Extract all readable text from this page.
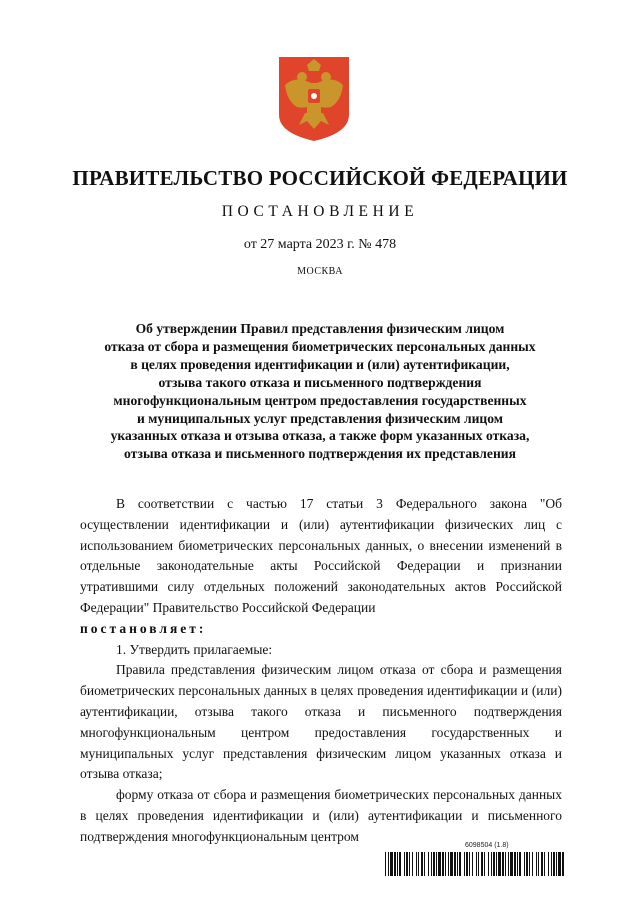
ПРАВИТЕЛЬСТВО РОССИЙСКОЙ ФЕДЕРАЦИИ
ПОСТАНОВЛЕНИЕ
от 27 марта 2023 г. № 478
МОСКВА
Об утверждении Правил представления физическим лицом
отказа от сбора и размещения биометрических персональных данных
в целях проведения идентификации и (или) аутентификации,
отзыва такого отказа и письменного подтверждения
многофункциональным центром предоставления государственных
и муниципальных услуг представления физическим лицом
указанных отказа и отзыва отказа, а также форм указанных отказа,
отзыва отказа и письменного подтверждения их представления

В соответствии с частью 17 статьи 3 Федерального закона "Об осуществлении идентификации и (или) аутентификации физических лиц с использованием биометрических персональных данных, о внесении изменений в отдельные законодательные акты Российской Федерации и признании утратившими силу отдельных положений законодательных актов Российской Федерации" Правительство Российской Федерации

постановляет:

1. Утвердить прилагаемые:

Правила представления физическим лицом отказа от сбора и размещения биометрических персональных данных в целях проведения идентификации и (или) аутентификации, отзыва такого отказа и письменного подтверждения многофункциональным центром предоставления государственных и муниципальных услуг представления физическим лицом указанных отказа и отзыва отказа;

форму отказа от сбора и размещения биометрических персональных данных в целях проведения идентификации и (или) аутентификации и письменного подтверждения многофункциональным центром

6098504 (1.8)
